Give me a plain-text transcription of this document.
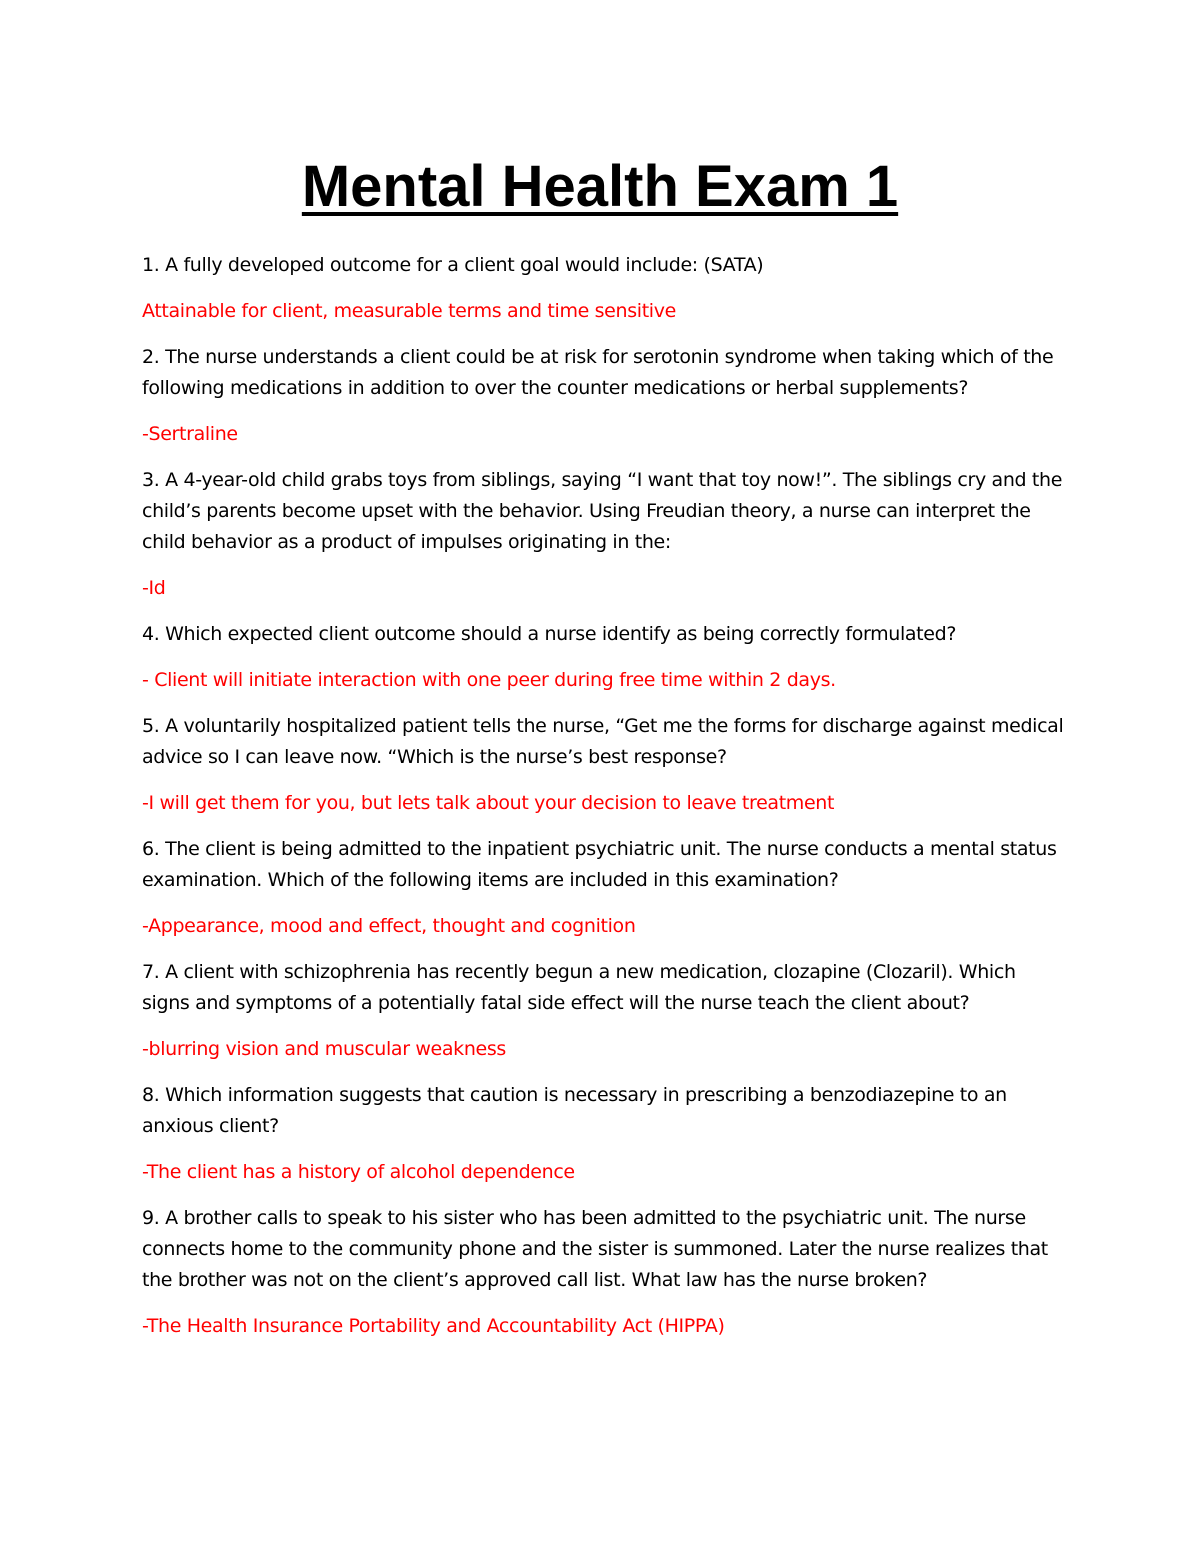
Mental Health Exam 1

1. A fully developed outcome for a client goal would include: (SATA)

Attainable for client, measurable terms and time sensitive

2. The nurse understands a client could be at risk for serotonin syndrome when taking which of the following medications in addition to over the counter medications or herbal supplements?

-Sertraline

3. A 4-year-old child grabs toys from siblings, saying “I want that toy now!”. The siblings cry and the child’s parents become upset with the behavior. Using Freudian theory, a nurse can interpret the child behavior as a product of impulses originating in the:

-Id

4. Which expected client outcome should a nurse identify as being correctly formulated?

- Client will initiate interaction with one peer during free time within 2 days.

5. A voluntarily hospitalized patient tells the nurse, “Get me the forms for discharge against medical advice so I can leave now. “Which is the nurse’s best response?

-I will get them for you, but lets talk about your decision to leave treatment

6. The client is being admitted to the inpatient psychiatric unit. The nurse conducts a mental status examination. Which of the following items are included in this examination?

-Appearance, mood and effect, thought and cognition

7. A client with schizophrenia has recently begun a new medication, clozapine (Clozaril). Which signs and symptoms of a potentially fatal side effect will the nurse teach the client about?

-blurring vision and muscular weakness

8. Which information suggests that caution is necessary in prescribing a benzodiazepine to an anxious client?

-The client has a history of alcohol dependence

9. A brother calls to speak to his sister who has been admitted to the psychiatric unit. The nurse connects home to the community phone and the sister is summoned. Later the nurse realizes that the brother was not on the client’s approved call list. What law has the nurse broken?

-The Health Insurance Portability and Accountability Act (HIPPA)
